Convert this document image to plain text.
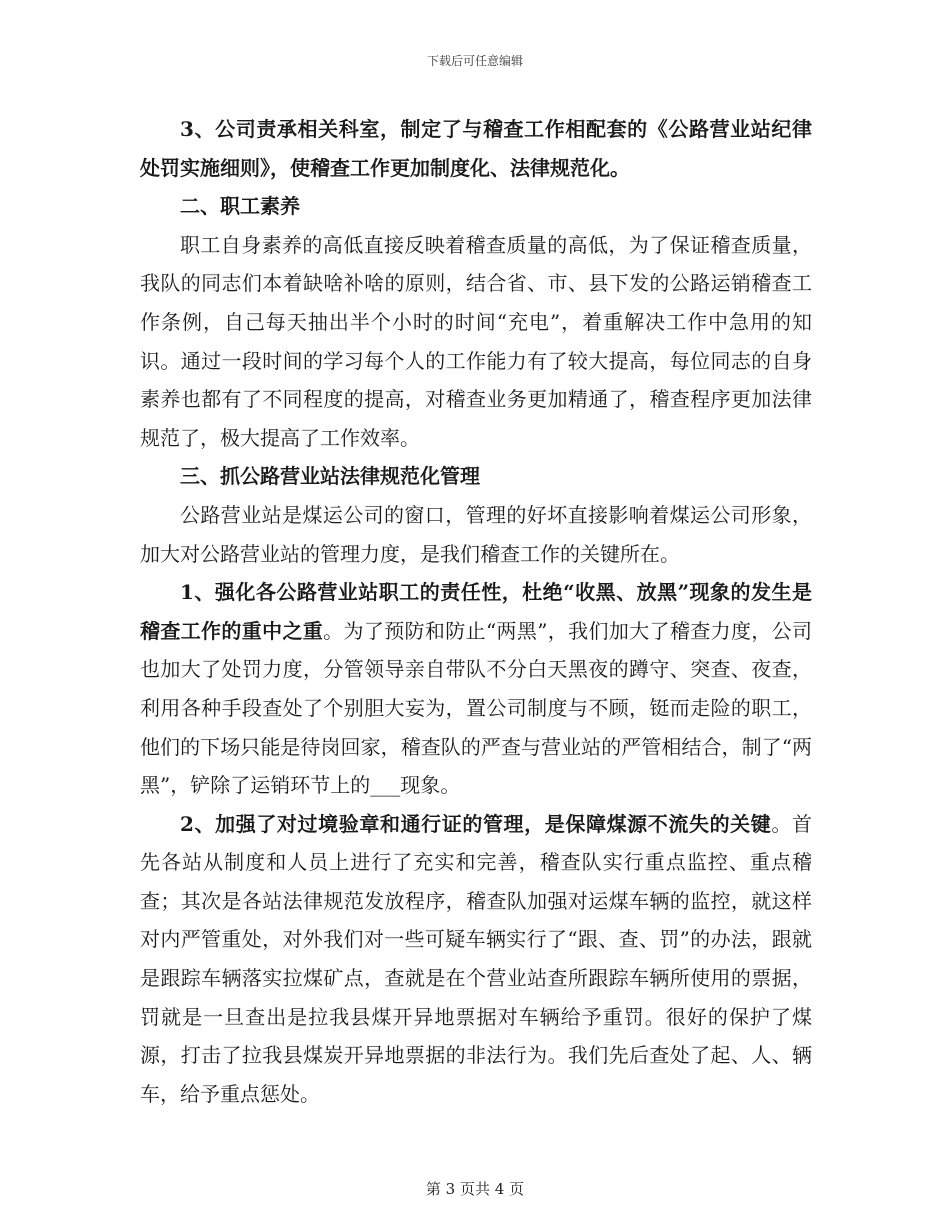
下载后可任意编辑

3、公司责承相关科室，制定了与稽查工作相配套的《公路营业站纪律处罚实施细则》，使稽查工作更加制度化、法律规范化。

二、职工素养

职工自身素养的高低直接反映着稽查质量的高低，为了保证稽查质量，我队的同志们本着缺啥补啥的原则，结合省、市、县下发的公路运销稽查工作条例，自己每天抽出半个小时的时间“充电”，着重解决工作中急用的知识。通过一段时间的学习每个人的工作能力有了较大提高，每位同志的自身素养也都有了不同程度的提高，对稽查业务更加精通了，稽查程序更加法律规范了，极大提高了工作效率。

三、抓公路营业站法律规范化管理

公路营业站是煤运公司的窗口，管理的好坏直接影响着煤运公司形象，加大对公路营业站的管理力度，是我们稽查工作的关键所在。

1、强化各公路营业站职工的责任性，杜绝“收黑、放黑”现象的发生是稽查工作的重中之重。为了预防和防止“两黑”，我们加大了稽查力度，公司也加大了处罚力度，分管领导亲自带队不分白天黑夜的蹲守、突查、夜查，利用各种手段查处了个别胆大妄为，置公司制度与不顾，铤而走险的职工，他们的下场只能是待岗回家，稽查队的严查与营业站的严管相结合，制了“两黑”，铲除了运销环节上的___现象。

2、加强了对过境验章和通行证的管理，是保障煤源不流失的关键。首先各站从制度和人员上进行了充实和完善，稽查队实行重点监控、重点稽查；其次是各站法律规范发放程序，稽查队加强对运煤车辆的监控，就这样对内严管重处，对外我们对一些可疑车辆实行了“跟、查、罚”的办法，跟就是跟踪车辆落实拉煤矿点，查就是在个营业站查所跟踪车辆所使用的票据，罚就是一旦查出是拉我县煤开异地票据对车辆给予重罚。很好的保护了煤源，打击了拉我县煤炭开异地票据的非法行为。我们先后查处了起、人、辆车，给予重点惩处。

第 3 页共 4 页
